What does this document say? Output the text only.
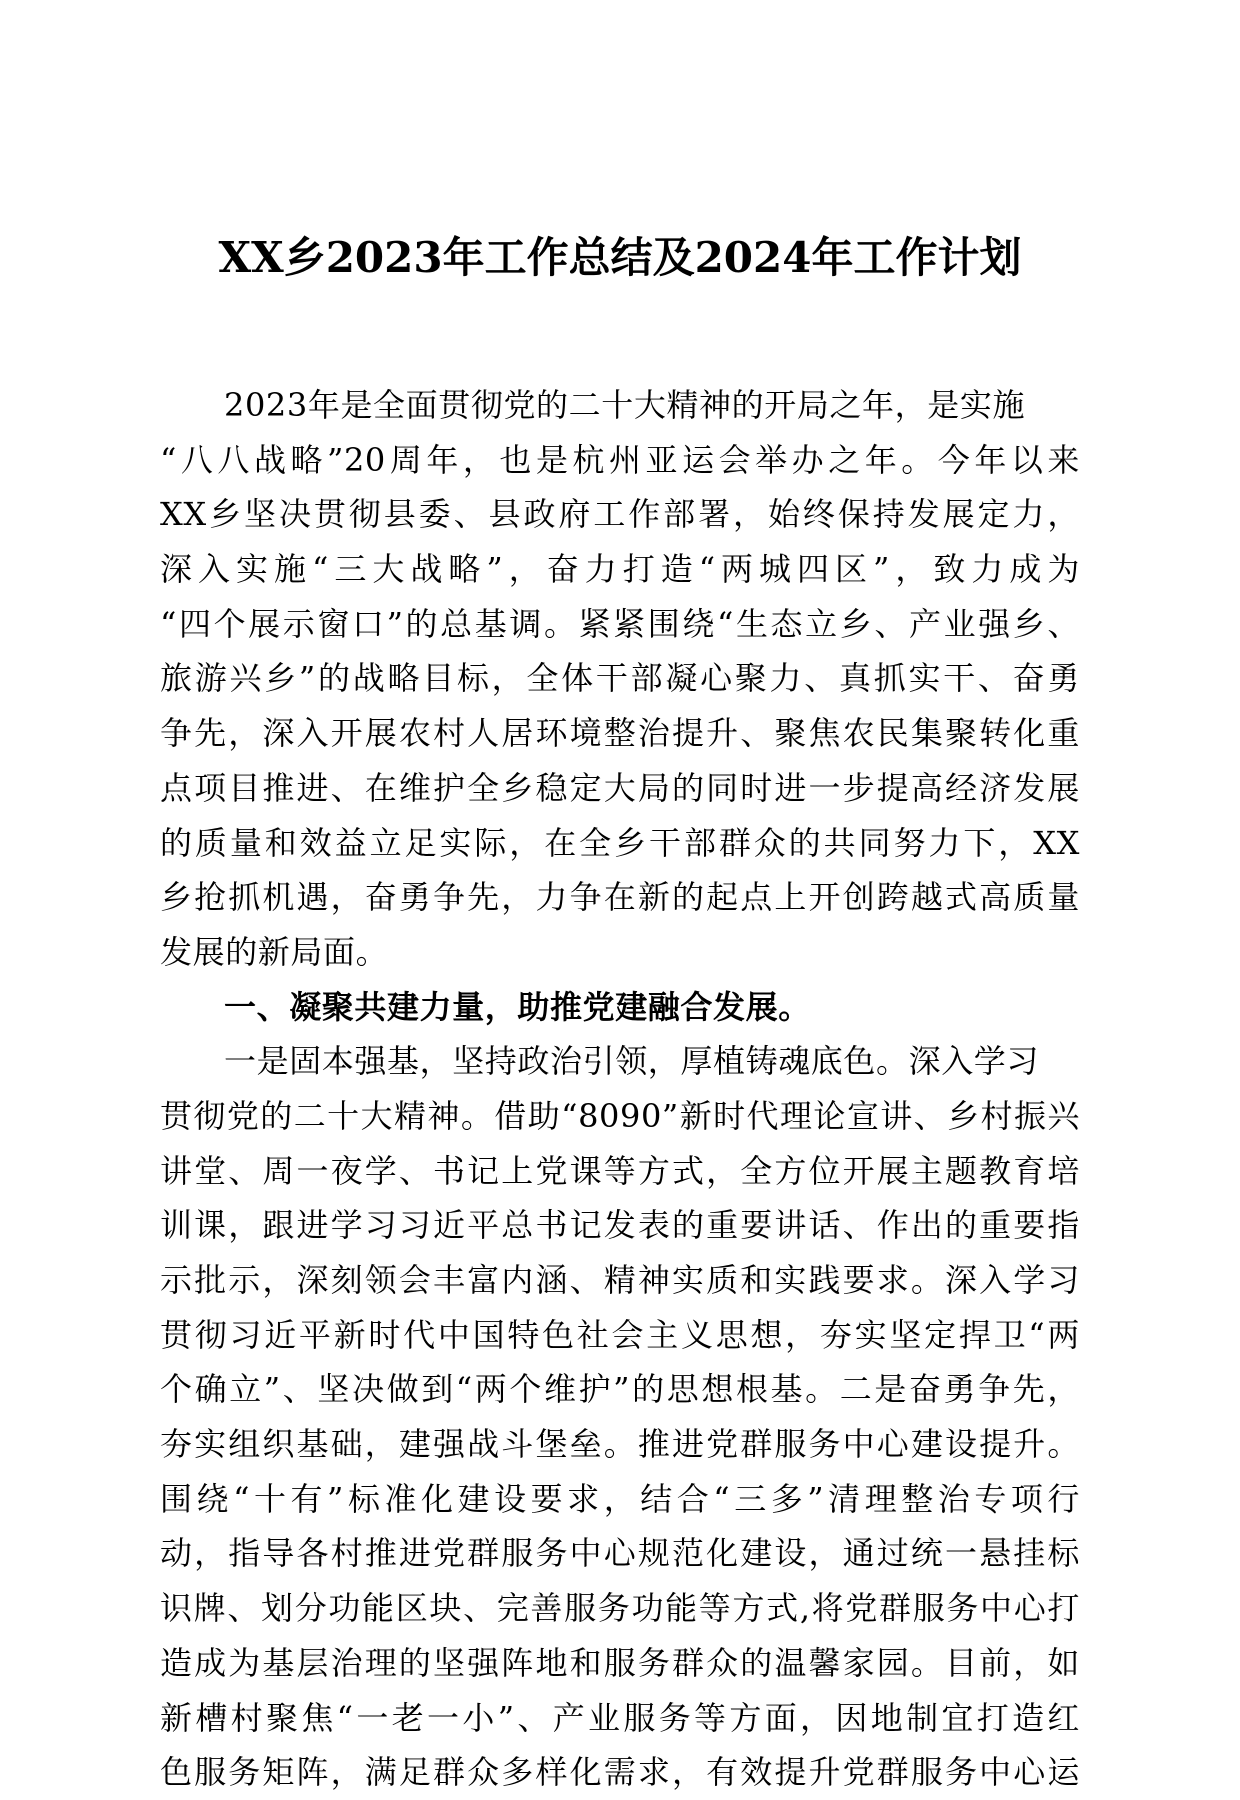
XX乡2023年工作总结及2024年工作计划
2023年是全面贯彻党的二十大精神的开局之年，是实施
“八八战略”20周年，也是杭州亚运会举办之年。今年以来
XX乡坚决贯彻县委、县政府工作部署，始终保持发展定力，
深入实施“三大战略”，奋力打造“两城四区”，致力成为
“四个展示窗口”的总基调。紧紧围绕“生态立乡、产业强乡、
旅游兴乡”的战略目标，全体干部凝心聚力、真抓实干、奋勇
争先，深入开展农村人居环境整治提升、聚焦农民集聚转化重
点项目推进、在维护全乡稳定大局的同时进一步提高经济发展
的质量和效益立足实际，在全乡干部群众的共同努力下，XX
乡抢抓机遇，奋勇争先，力争在新的起点上开创跨越式高质量
发展的新局面。
一、凝聚共建力量，助推党建融合发展。
一是固本强基，坚持政治引领，厚植铸魂底色。深入学习
贯彻党的二十大精神。借助“8090”新时代理论宣讲、乡村振兴
讲堂、周一夜学、书记上党课等方式，全方位开展主题教育培
训课，跟进学习习近平总书记发表的重要讲话、作出的重要指
示批示，深刻领会丰富内涵、精神实质和实践要求。深入学习
贯彻习近平新时代中国特色社会主义思想，夯实坚定捍卫“两
个确立”、坚决做到“两个维护”的思想根基。二是奋勇争先，
夯实组织基础，建强战斗堡垒。推进党群服务中心建设提升。
围绕“十有”标准化建设要求，结合“三多”清理整治专项行
动，指导各村推进党群服务中心规范化建设，通过统一悬挂标
识牌、划分功能区块、完善服务功能等方式,将党群服务中心打
造成为基层治理的坚强阵地和服务群众的温馨家园。目前，如
新槽村聚焦“一老一小”、产业服务等方面，因地制宜打造红
色服务矩阵，满足群众多样化需求，有效提升党群服务中心运
